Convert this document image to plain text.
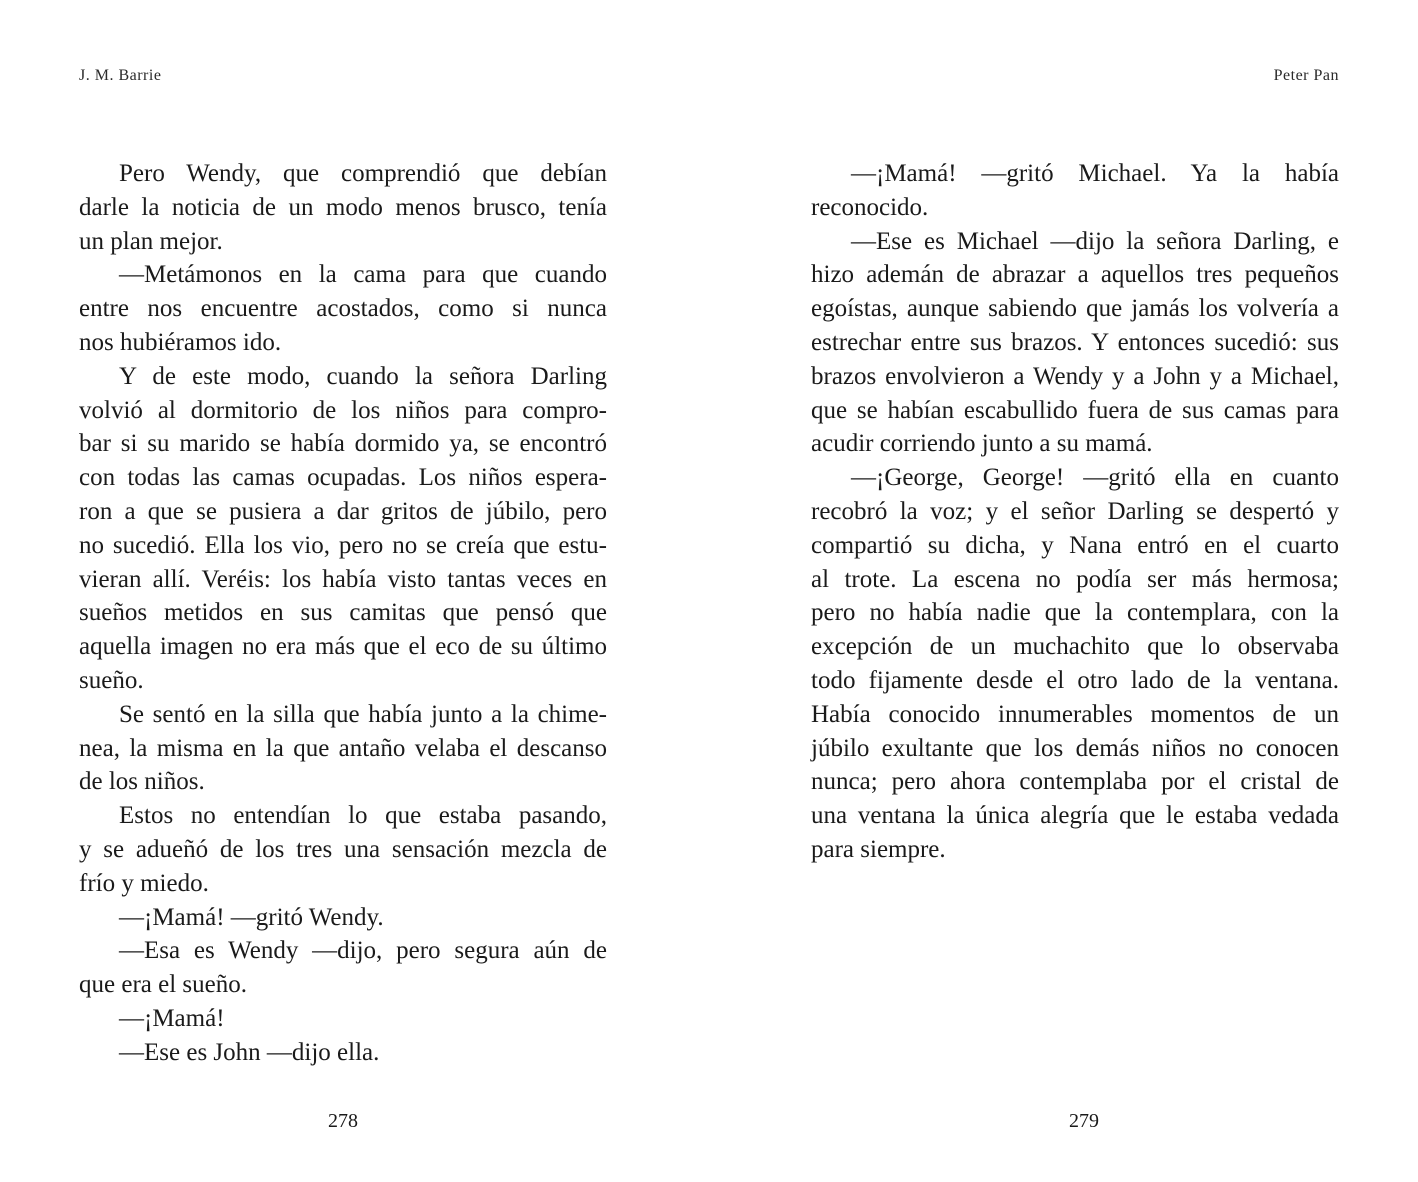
J. M. Barrie
Pero Wendy, que comprendió que debían
darle la noticia de un modo menos brusco, tenía
un plan mejor.
—Metámonos en la cama para que cuando
entre nos encuentre acostados, como si nunca
nos hubiéramos ido.
Y de este modo, cuando la señora Darling
volvió al dormitorio de los niños para compro-
bar si su marido se había dormido ya, se encontró
con todas las camas ocupadas. Los niños espera-
ron a que se pusiera a dar gritos de júbilo, pero
no sucedió. Ella los vio, pero no se creía que estu-
vieran allí. Veréis: los había visto tantas veces en
sueños metidos en sus camitas que pensó que
aquella imagen no era más que el eco de su último
sueño.
Se sentó en la silla que había junto a la chime-
nea, la misma en la que antaño velaba el descanso
de los niños.
Estos no entendían lo que estaba pasando,
y se adueñó de los tres una sensación mezcla de
frío y miedo.
—¡Mamá! —gritó Wendy.
—Esa es Wendy —dijo, pero segura aún de
que era el sueño.
—¡Mamá!
—Ese es John —dijo ella.
278
Peter Pan
—¡Mamá! —gritó Michael. Ya la había
reconocido.
—Ese es Michael —dijo la señora Darling, e
hizo ademán de abrazar a aquellos tres pequeños
egoístas, aunque sabiendo que jamás los volvería a
estrechar entre sus brazos. Y entonces sucedió: sus
brazos envolvieron a Wendy y a John y a Michael,
que se habían escabullido fuera de sus camas para
acudir corriendo junto a su mamá.
—¡George, George! —gritó ella en cuanto
recobró la voz; y el señor Darling se despertó y
compartió su dicha, y Nana entró en el cuarto
al trote. La escena no podía ser más hermosa;
pero no había nadie que la contemplara, con la
excepción de un muchachito que lo observaba
todo fijamente desde el otro lado de la ventana.
Había conocido innumerables momentos de un
júbilo exultante que los demás niños no conocen
nunca; pero ahora contemplaba por el cristal de
una ventana la única alegría que le estaba vedada
para siempre.
279
